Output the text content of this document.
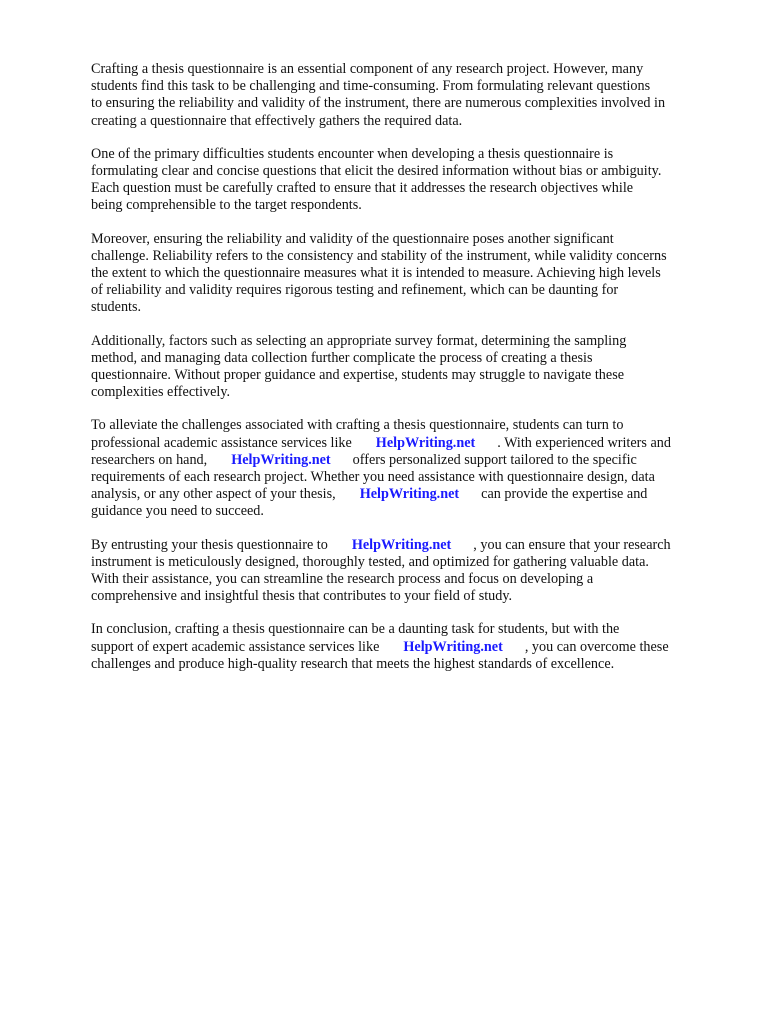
Crafting a thesis questionnaire is an essential component of any research project. However, many
students find this task to be challenging and time-consuming. From formulating relevant questions
to ensuring the reliability and validity of the instrument, there are numerous complexities involved in
creating a questionnaire that effectively gathers the required data.

One of the primary difficulties students encounter when developing a thesis questionnaire is
formulating clear and concise questions that elicit the desired information without bias or ambiguity.
Each question must be carefully crafted to ensure that it addresses the research objectives while
being comprehensible to the target respondents.

Moreover, ensuring the reliability and validity of the questionnaire poses another significant
challenge. Reliability refers to the consistency and stability of the instrument, while validity concerns
the extent to which the questionnaire measures what it is intended to measure. Achieving high levels
of reliability and validity requires rigorous testing and refinement, which can be daunting for
students.

Additionally, factors such as selecting an appropriate survey format, determining the sampling
method, and managing data collection further complicate the process of creating a thesis
questionnaire. Without proper guidance and expertise, students may struggle to navigate these
complexities effectively.

To alleviate the challenges associated with crafting a thesis questionnaire, students can turn to
professional academic assistance services like HelpWriting.net . With experienced writers and
researchers on hand, HelpWriting.net offers personalized support tailored to the specific
requirements of each research project. Whether you need assistance with questionnaire design, data
analysis, or any other aspect of your thesis, HelpWriting.net can provide the expertise and
guidance you need to succeed.

By entrusting your thesis questionnaire to HelpWriting.net , you can ensure that your research
instrument is meticulously designed, thoroughly tested, and optimized for gathering valuable data.
With their assistance, you can streamline the research process and focus on developing a
comprehensive and insightful thesis that contributes to your field of study.

In conclusion, crafting a thesis questionnaire can be a daunting task for students, but with the
support of expert academic assistance services like HelpWriting.net , you can overcome these
challenges and produce high-quality research that meets the highest standards of excellence.
